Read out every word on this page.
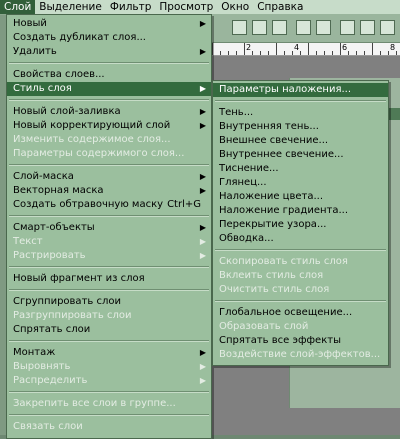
Слой Выделение Фильтр Просмотр Окно Справка
2	4	6	8
Новый	▶
Создать дубликат слоя...
Удалить	▶
Свойства слоев...
Стиль слоя	▶
Новый слой-заливка	▶
Новый корректирующий слой	▶
Изменить содержимое слоя...
Параметры содержимого слоя...
Слой-маска	▶
Векторная маска	▶
Создать обтравочную маску Ctrl+G
Смарт-объекты	▶
Текст	▶
Растрировать	▶
Новый фрагмент из слоя
Сгруппировать слои
Разгруппировать слои
Спрятать слои
Монтаж	▶
Выровнять	▶
Распределить	▶
Закрепить все слои в группе...
Связать слои
Параметры наложения...
Тень...
Внутренняя тень...
Внешнее свечение...
Внутреннее свечение...
Тиснение...
Глянец...
Наложение цвета...
Наложение градиента...
Перекрытие узора...
Обводка...
Скопировать стиль слоя
Вклеить стиль слоя
Очистить стиль слоя
Глобальное освещение...
Образовать слой
Спрятать все эффекты
Воздействие слой-эффектов...
